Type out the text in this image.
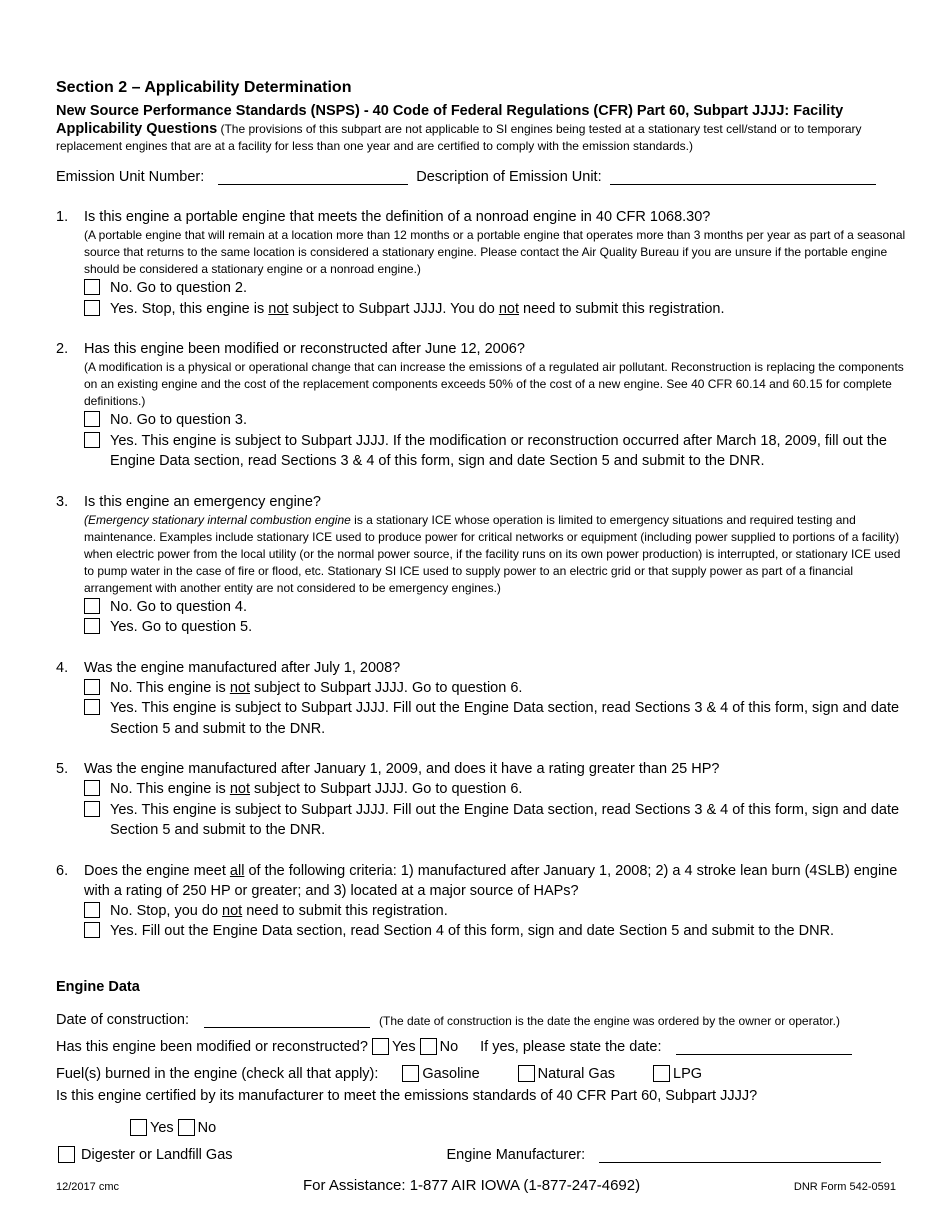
Section 2 – Applicability Determination
New Source Performance Standards (NSPS) - 40 Code of Federal Regulations (CFR) Part 60, Subpart JJJJ: Facility
Applicability Questions (The provisions of this subpart are not applicable to SI engines being tested at a stationary test cell/stand or to temporary replacement engines that are at a facility for less than one year and are certified to comply with the emission standards.)
Emission Unit Number:	Description of Emission Unit:
1. Is this engine a portable engine that meets the definition of a nonroad engine in 40 CFR 1068.30?
(A portable engine that will remain at a location more than 12 months or a portable engine that operates more than 3 months per year as part of a seasonal source that returns to the same location is considered a stationary engine. Please contact the Air Quality Bureau if you are unsure if the portable engine should be considered a stationary engine or a nonroad engine.)
No. Go to question 2.
Yes. Stop, this engine is not subject to Subpart JJJJ. You do not need to submit this registration.
2. Has this engine been modified or reconstructed after June 12, 2006?
(A modification is a physical or operational change that can increase the emissions of a regulated air pollutant. Reconstruction is replacing the components on an existing engine and the cost of the replacement components exceeds 50% of the cost of a new engine. See 40 CFR 60.14 and 60.15 for complete definitions.)
No. Go to question 3.
Yes. This engine is subject to Subpart JJJJ. If the modification or reconstruction occurred after March 18, 2009, fill out the Engine Data section, read Sections 3 & 4 of this form, sign and date Section 5 and submit to the DNR.
3. Is this engine an emergency engine?
(Emergency stationary internal combustion engine is a stationary ICE whose operation is limited to emergency situations and required testing and maintenance. Examples include stationary ICE used to produce power for critical networks or equipment (including power supplied to portions of a facility) when electric power from the local utility (or the normal power source, if the facility runs on its own power production) is interrupted, or stationary ICE used to pump water in the case of fire or flood, etc. Stationary SI ICE used to supply power to an electric grid or that supply power as part of a financial arrangement with another entity are not considered to be emergency engines.)
No. Go to question 4.
Yes. Go to question 5.
4. Was the engine manufactured after July 1, 2008?
No. This engine is not subject to Subpart JJJJ. Go to question 6.
Yes. This engine is subject to Subpart JJJJ. Fill out the Engine Data section, read Sections 3 & 4 of this form, sign and date Section 5 and submit to the DNR.
5. Was the engine manufactured after January 1, 2009, and does it have a rating greater than 25 HP?
No. This engine is not subject to Subpart JJJJ. Go to question 6.
Yes. This engine is subject to Subpart JJJJ. Fill out the Engine Data section, read Sections 3 & 4 of this form, sign and date Section 5 and submit to the DNR.
6. Does the engine meet all of the following criteria: 1) manufactured after January 1, 2008; 2) a 4 stroke lean burn (4SLB) engine with a rating of 250 HP or greater; and 3) located at a major source of HAPs?
No. Stop, you do not need to submit this registration.
Yes. Fill out the Engine Data section, read Section 4 of this form, sign and date Section 5 and submit to the DNR.
Engine Data
Date of construction:	(The date of construction is the date the engine was ordered by the owner or operator.)
Has this engine been modified or reconstructed? Yes No If yes, please state the date:
Fuel(s) burned in the engine (check all that apply):	Gasoline	Natural Gas	LPG
Is this engine certified by its manufacturer to meet the emissions standards of 40 CFR Part 60, Subpart JJJJ?
Yes No
Digester or Landfill Gas	Engine Manufacturer:
12/2017 cmc	For Assistance: 1-877 AIR IOWA (1-877-247-4692)	DNR Form 542-0591
